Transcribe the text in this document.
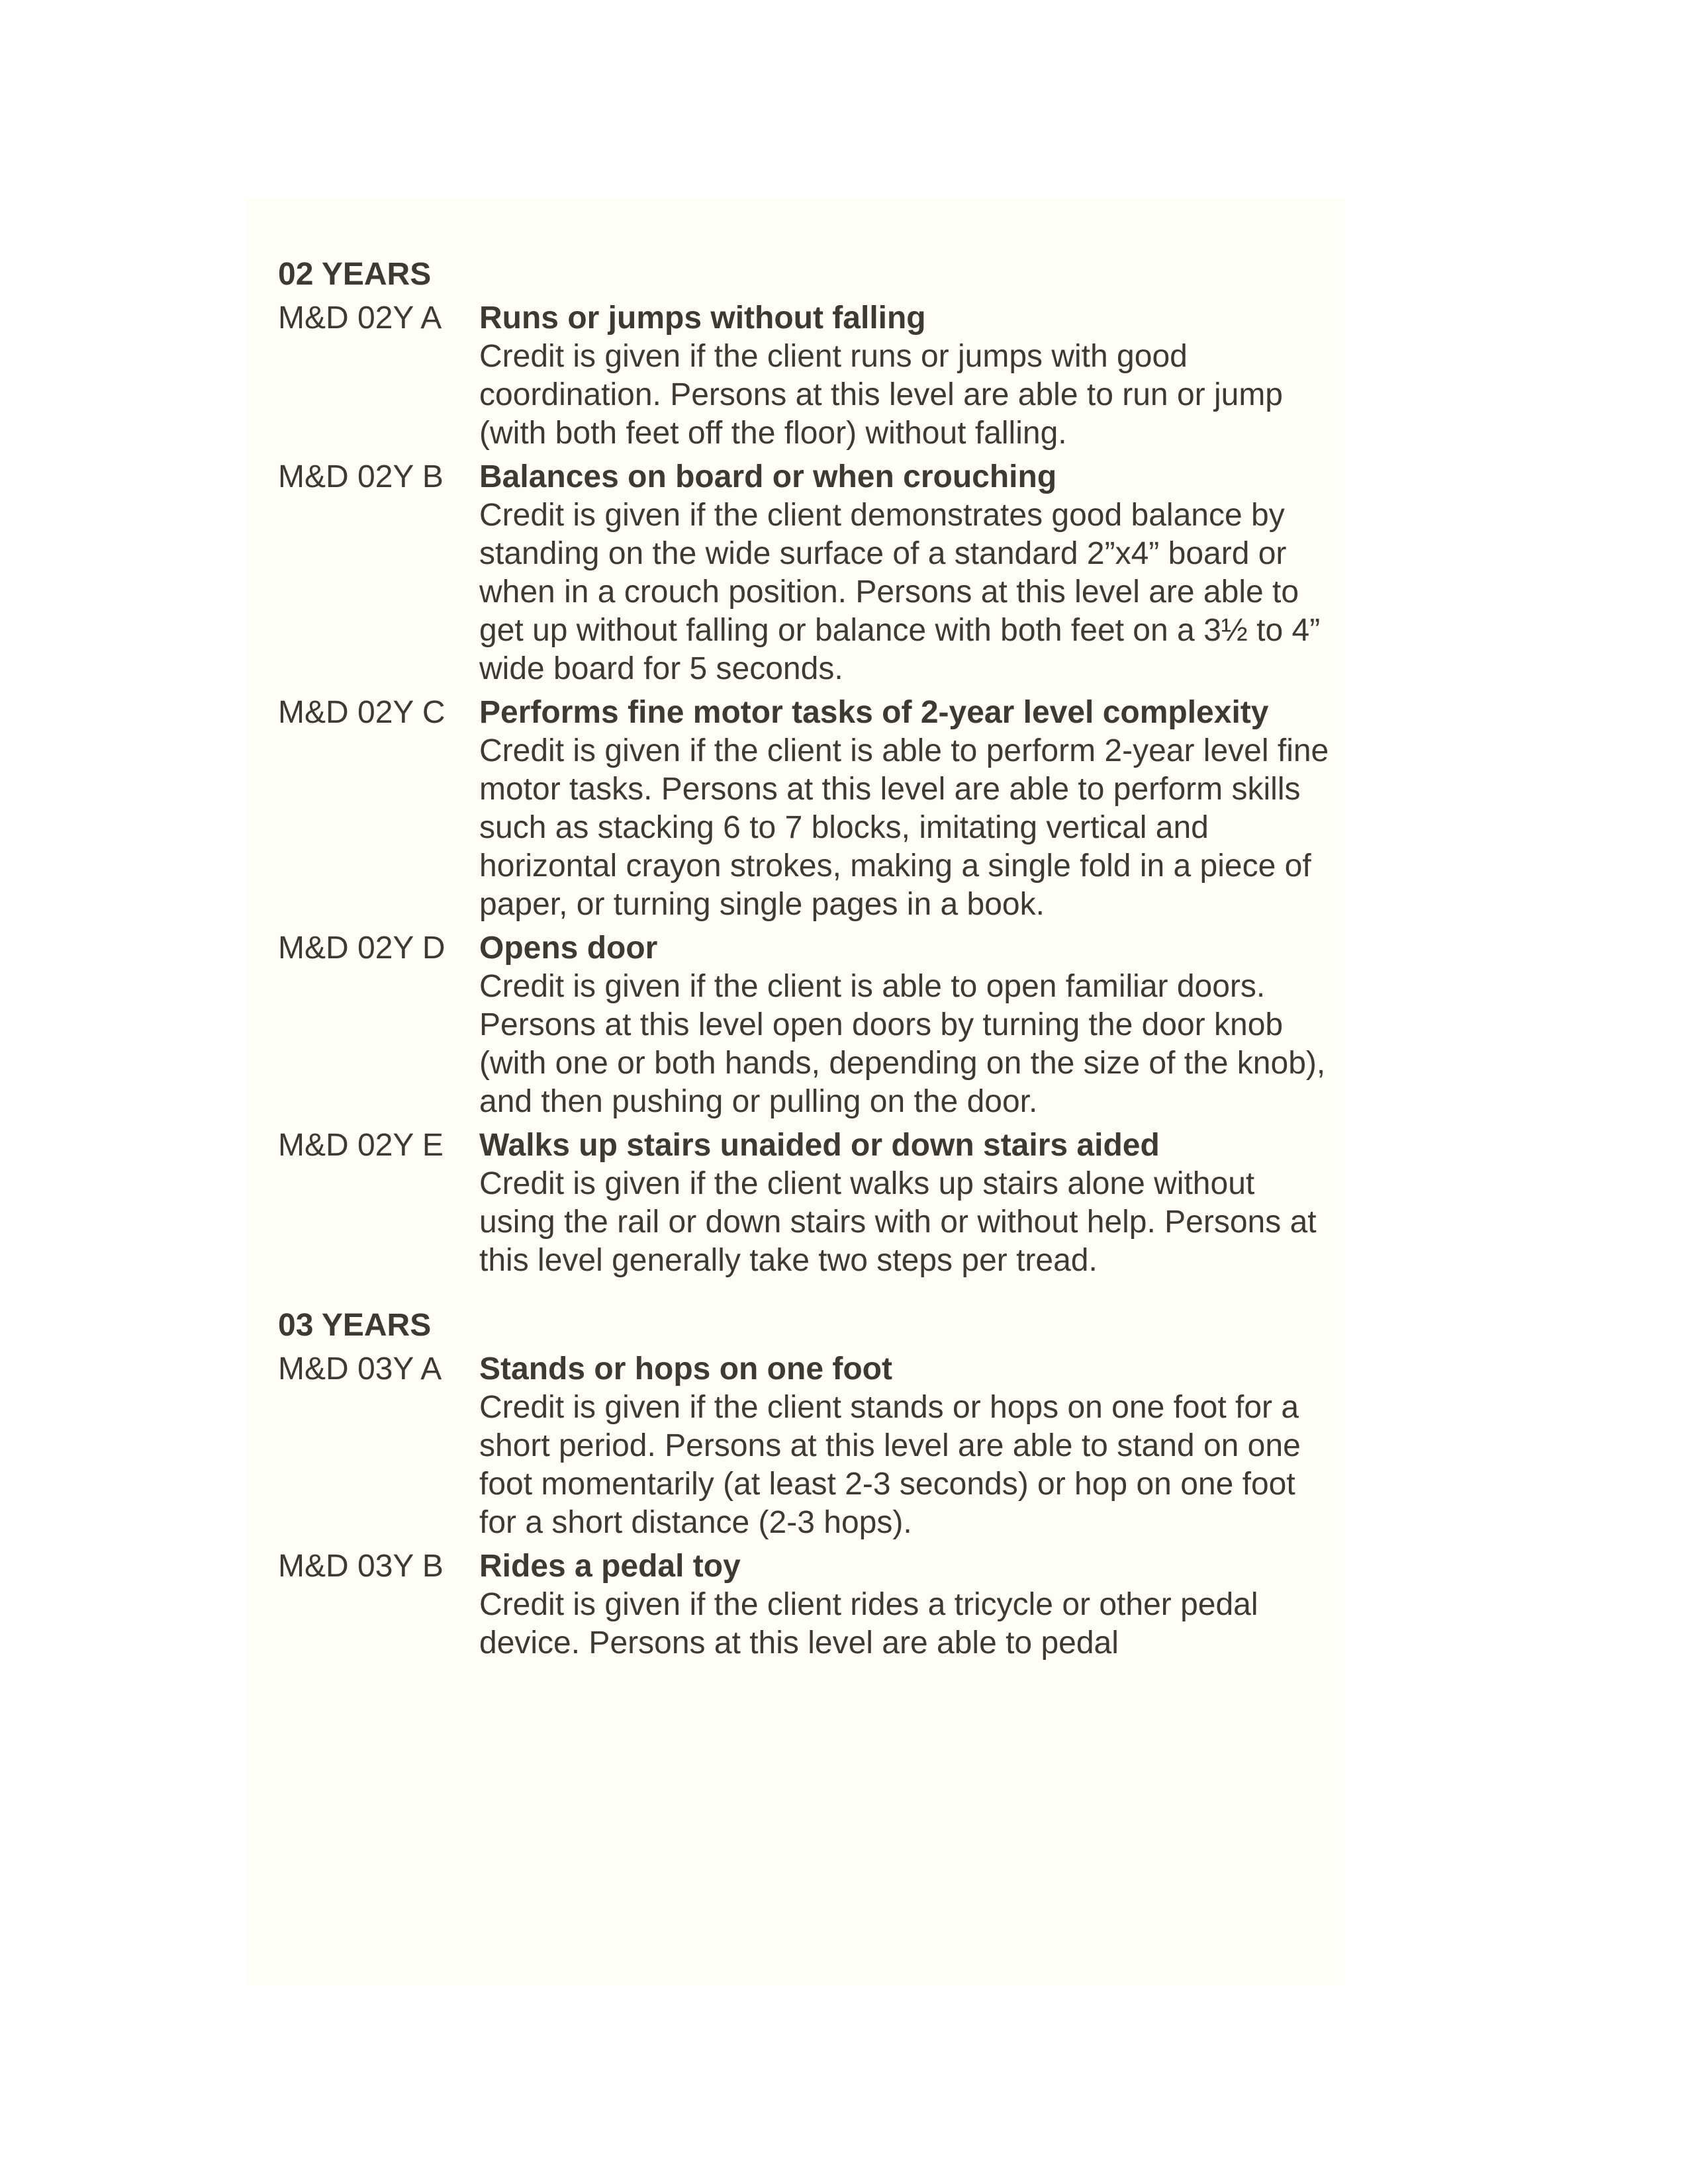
02 YEARS
M&D 02Y A	Runs or jumps without falling

Credit is given if the client runs or jumps with good coordination. Persons at this level are able to run or jump (with both feet off the floor) without falling.

M&D 02Y B	Balances on board or when crouching

Credit is given if the client demonstrates good balance by standing on the wide surface of a standard 2”x4” board or when in a crouch position. Persons at this level are able to get up without falling or balance with both feet on a 3½ to 4” wide board for 5 seconds.

M&D 02Y C	Performs fine motor tasks of 2-year level complexity

Credit is given if the client is able to perform 2-year level fine motor tasks. Persons at this level are able to perform skills such as stacking 6 to 7 blocks, imitating vertical and horizontal crayon strokes, making a single fold in a piece of paper, or turning single pages in a book.

M&D 02Y D	Opens door

Credit is given if the client is able to open familiar doors. Persons at this level open doors by turning the door knob (with one or both hands, depending on the size of the knob), and then pushing or pulling on the door.

M&D 02Y E	Walks up stairs unaided or down stairs aided

Credit is given if the client walks up stairs alone without using the rail or down stairs with or without help. Persons at this level generally take two steps per tread.

03 YEARS
M&D 03Y A	Stands or hops on one foot

Credit is given if the client stands or hops on one foot for a short period. Persons at this level are able to stand on one foot momentarily (at least 2-3 seconds) or hop on one foot for a short distance (2-3 hops).

M&D 03Y B	Rides a pedal toy

Credit is given if the client rides a tricycle or other pedal device. Persons at this level are able to pedal
